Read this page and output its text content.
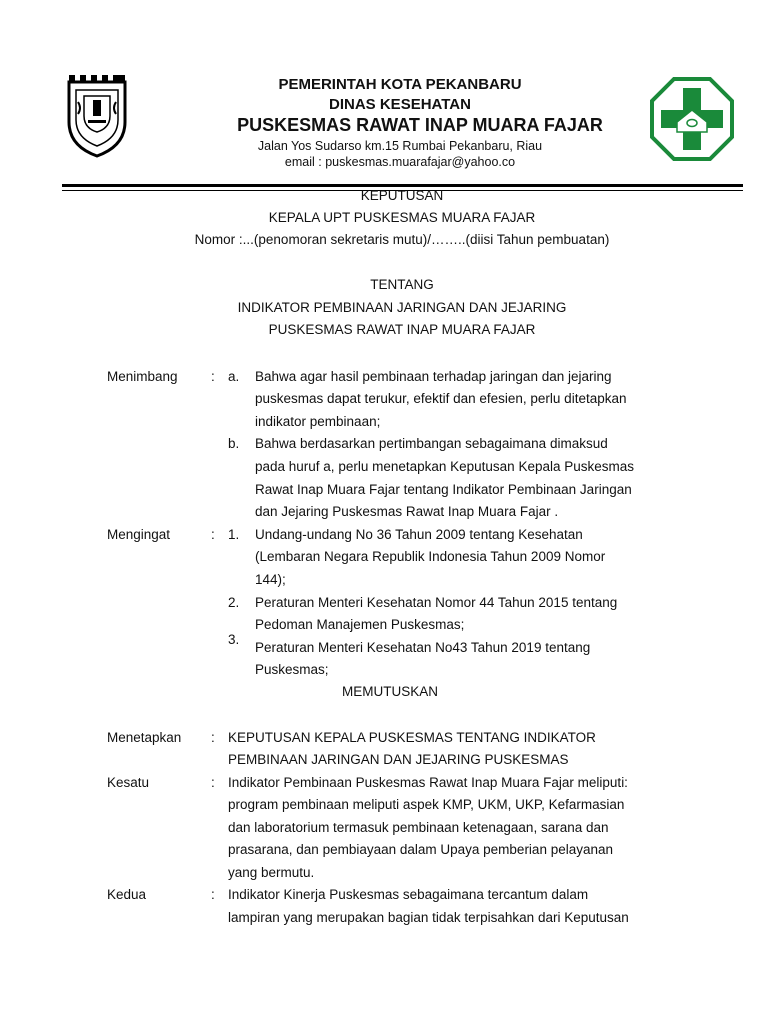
PEMERINTAH KOTA PEKANBARU
DINAS KESEHATAN
PUSKESMAS RAWAT INAP MUARA FAJAR
Jalan Yos Sudarso km.15 Rumbai Pekanbaru, Riau
email : puskesmas.muarafajar@yahoo.co
KEPUTUSAN
KEPALA UPT PUSKESMAS MUARA FAJAR
Nomor :...(penomoran sekretaris mutu)/……..(diisi Tahun pembuatan)
TENTANG
INDIKATOR PEMBINAAN JARINGAN DAN JEJARING
PUSKESMAS RAWAT INAP MUARA FAJAR
Menimbang : a. Bahwa agar hasil pembinaan terhadap jaringan dan jejaring
puskesmas dapat terukur, efektif dan efesien, perlu ditetapkan
indikator pembinaan;
b. Bahwa berdasarkan pertimbangan sebagaimana dimaksud
pada huruf a, perlu menetapkan Keputusan Kepala Puskesmas
Rawat Inap Muara Fajar tentang Indikator Pembinaan Jaringan
dan Jejaring Puskesmas Rawat Inap Muara Fajar .
Mengingat	: 1. Undang-undang No 36 Tahun 2009 tentang Kesehatan
(Lembaran Negara Republik Indonesia Tahun 2009 Nomor
144);
2. Peraturan Menteri Kesehatan Nomor 44 Tahun 2015 tentang
Pedoman Manajemen Puskesmas;
3.
Peraturan Menteri Kesehatan No43 Tahun 2019 tentang
Puskesmas;
MEMUTUSKAN
Menetapkan : KEPUTUSAN KEPALA PUSKESMAS TENTANG INDIKATOR
PEMBINAAN JARINGAN DAN JEJARING PUSKESMAS
Kesatu	: Indikator Pembinaan Puskesmas Rawat Inap Muara Fajar meliputi:
program pembinaan meliputi aspek KMP, UKM, UKP, Kefarmasian
dan laboratorium termasuk pembinaan ketenagaan, sarana dan
prasarana, dan pembiayaan dalam Upaya pemberian pelayanan
yang bermutu.
Kedua	: Indikator Kinerja Puskesmas sebagaimana tercantum dalam
lampiran yang merupakan bagian tidak terpisahkan dari Keputusan
